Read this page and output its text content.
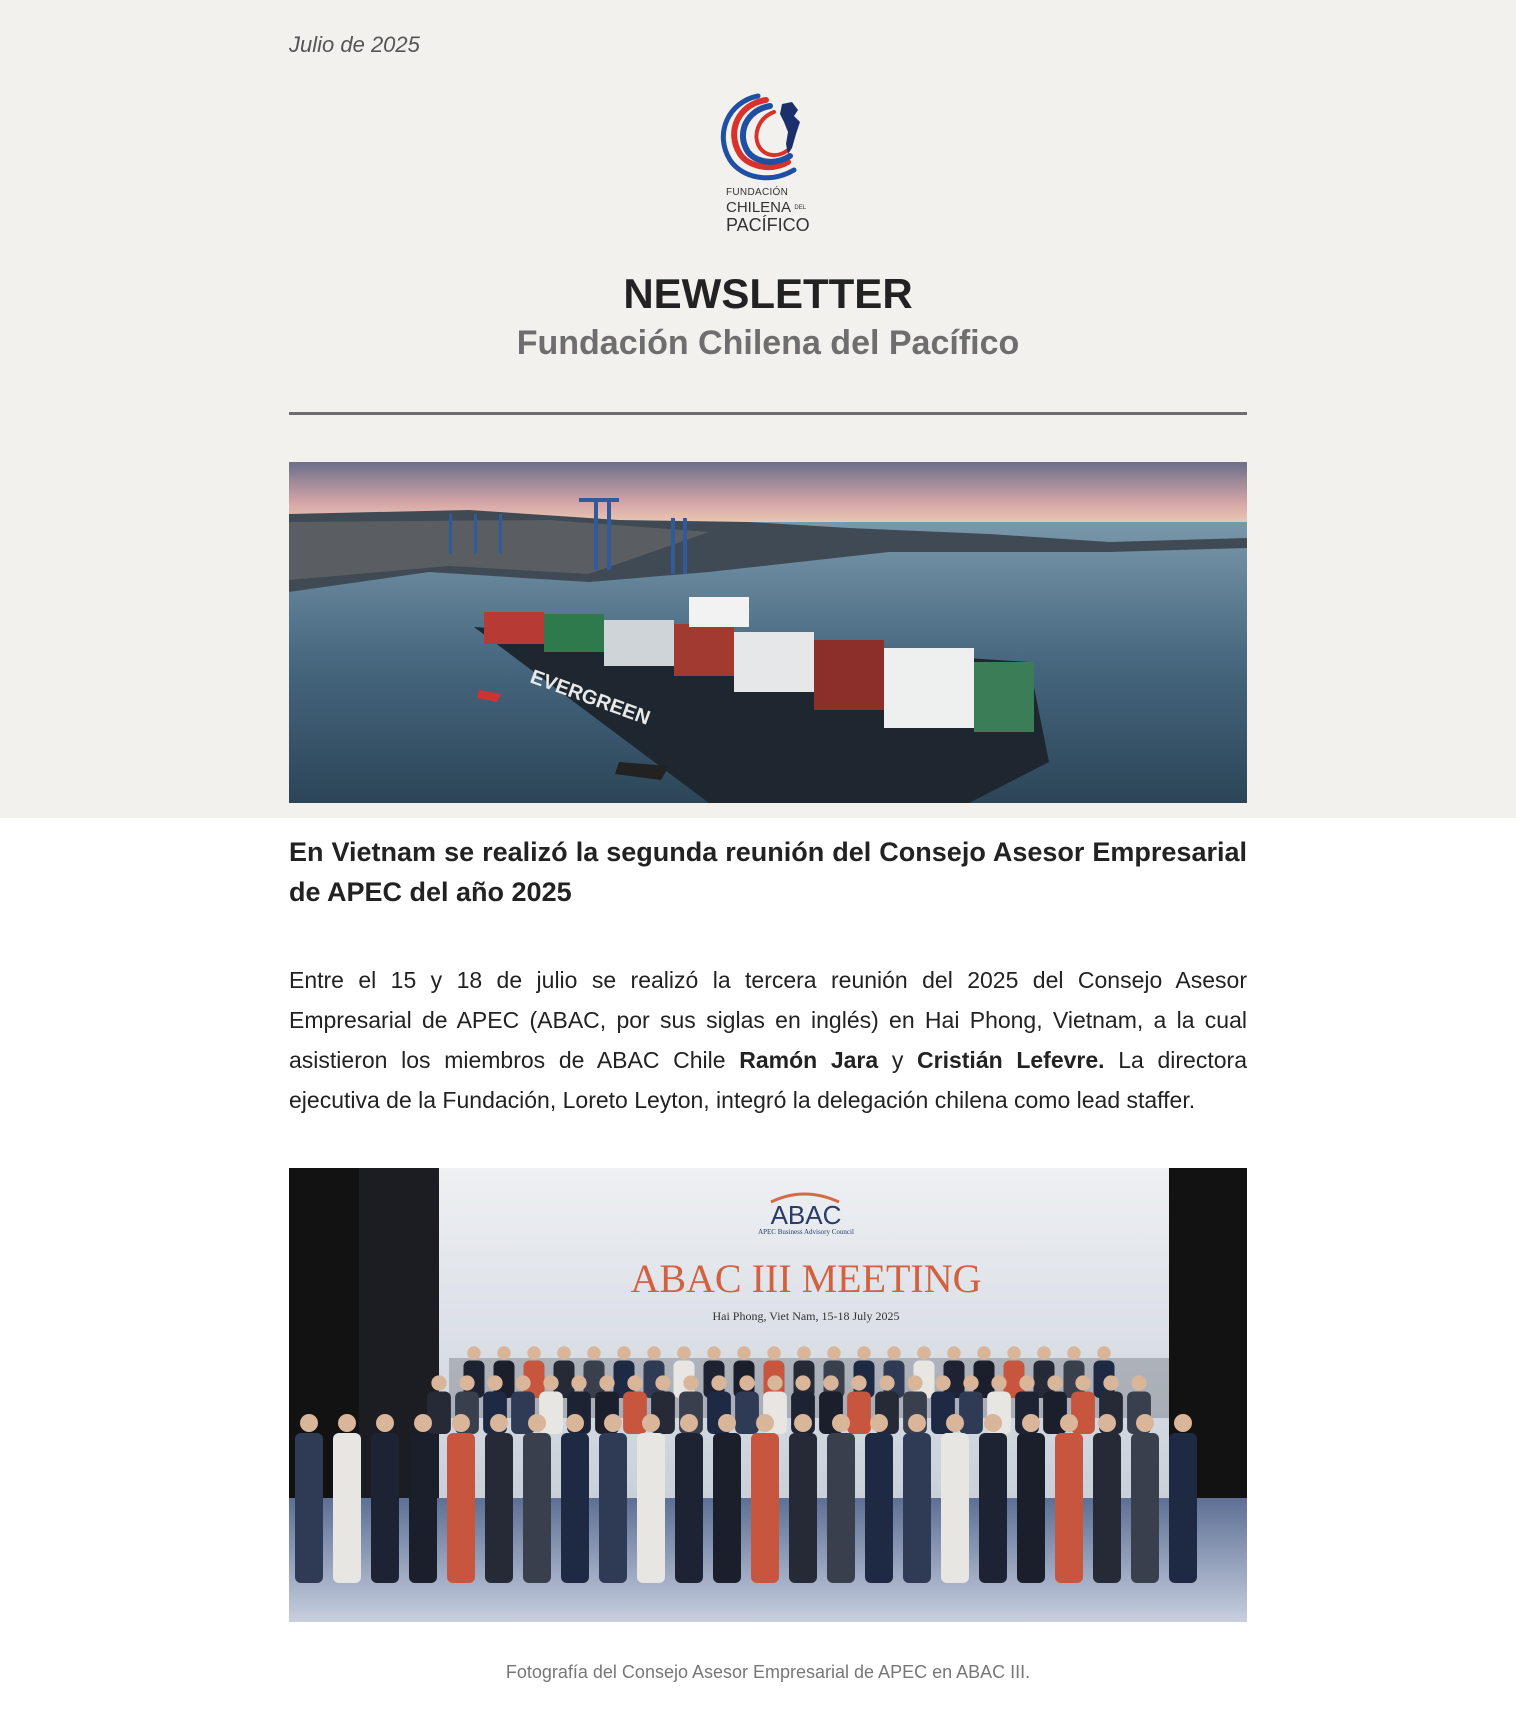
Julio de 2025
FUNDACIÓN
CHILENA DEL
PACÍFICO
NEWSLETTER
Fundación Chilena del Pacífico
EVERGREEN
En Vietnam se realizó la segunda reunión del Consejo Asesor Empresarial de APEC del año 2025
Entre el 15 y 18 de julio se realizó la tercera reunión del 2025 del Consejo Asesor Empresarial de APEC (ABAC, por sus siglas en inglés) en Hai Phong, Vietnam, a la cual asistieron los miembros de ABAC Chile Ramón Jara y Cristián Lefevre. La directora ejecutiva de la Fundación, Loreto Leyton, integró la delegación chilena como lead staffer.
ABAC
APEC Business Advisory Council
ABAC III MEETING
Hai Phong, Viet Nam, 15-18 July 2025
Fotografía del Consejo Asesor Empresarial de APEC en ABAC III.
